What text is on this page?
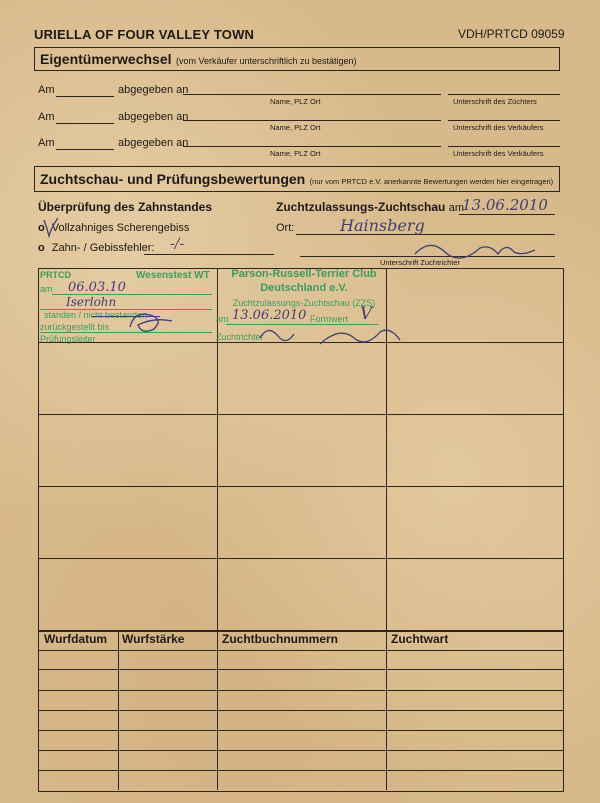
URIELLA OF FOUR VALLEY TOWN	VDH/PRTCD 09059
Eigentümerwechsel (vom Verkäufer unterschriftlich zu bestätigen)
Am	abgegeben an
Name, PLZ Ort	Unterschrift des Züchters
Am	abgegeben an
Name, PLZ Ort	Unterschrift des Verkäufers
Am	abgegeben an
Name, PLZ Ort	Unterschrift des Verkäufers
Zuchtschau- und Prüfungsbewertungen (nur vom PRTCD e.V. anerkannte Bewertungen werden hier eingetragen)
Überprüfung des Zahnstandes
o Vollzahniges Scherengebiss
o Zahn- / Gebissfehler: -/-
Zuchtzulassungs-Zuchtschau am
13.06.2010
Ort:	Hainsberg
Unterschrift Zuchtrichter
PRTCD	Wesenstest WT
am 06.03.10
Iserlohn
standen / nicht bestanden
zurückgestellt bis
Prüfungsleiter
Parson-Russell-Terrier Club
Deutschland e.V.
Zuchtzulassungs-Zuchtschau (ZZS)
am 13.06.2010 Formwert V
Zuchtrichter
Wurfdatum Wurfstärke	Zuchtbuchnummern	Zuchtwart
